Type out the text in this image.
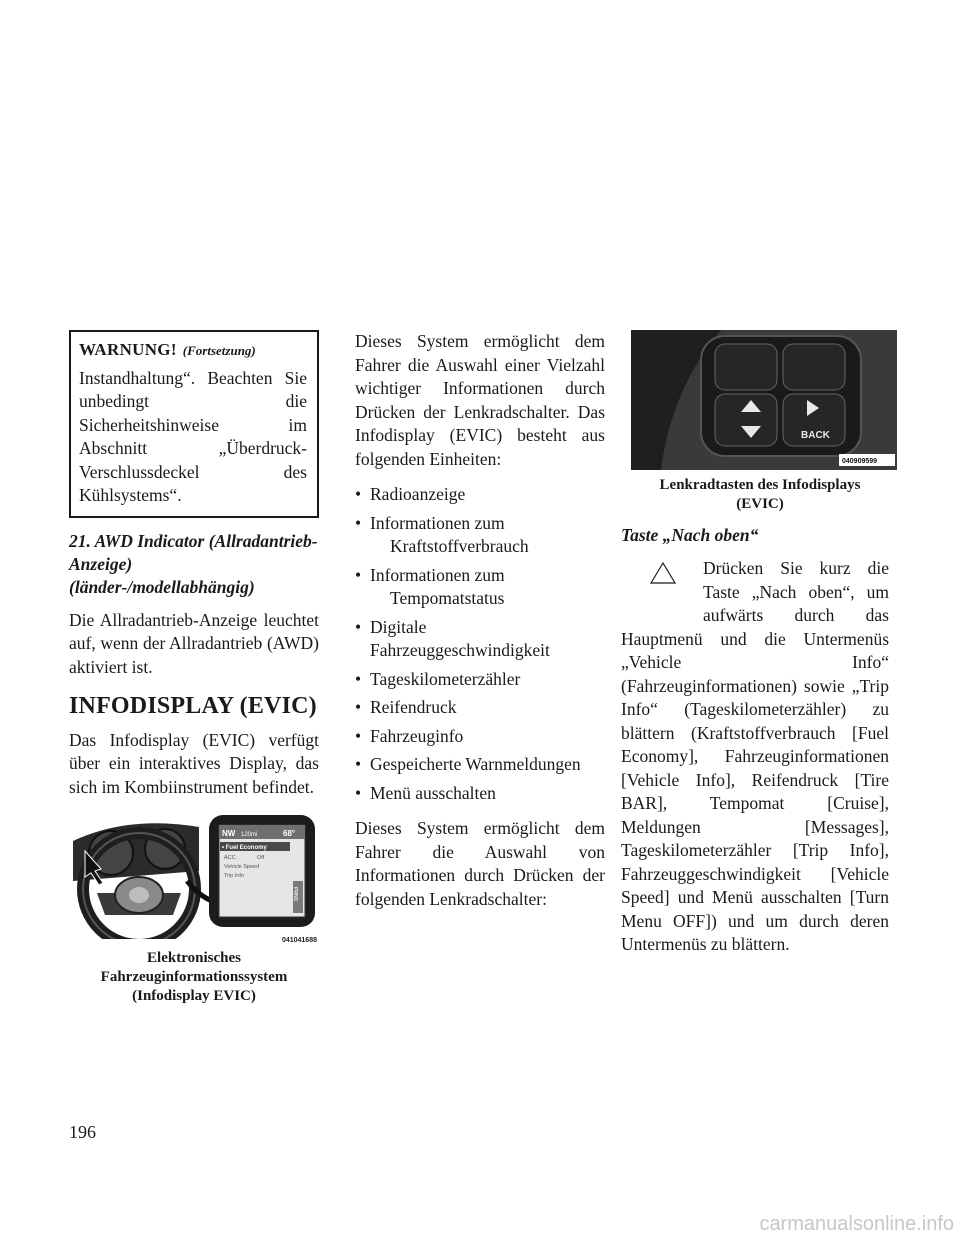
WARNUNG! (Fortsetzung)

Instandhaltung“. Beachten Sie unbedingt die Sicherheitshinweise im Abschnitt „Überdruck-Verschlussdeckel des Kühlsystems“.

21. AWD Indicator (Allradantrieb-Anzeige) (länder-/modellabhängig)

Die Allradantrieb-Anzeige leuchtet auf, wenn der Allradantrieb (AWD) aktiviert ist.

INFODISPLAY (EVIC)

Das Infodisplay (EVIC) verfügt über ein interaktives Display, das sich im Kombiinstrument befindet.

NW 120mi	68°
• Fuel Economy
ACC	Off
Vehicle Speed
Trip Info
PRND
041041688
Elektronisches
Fahrzeuginformationssystem
(Infodisplay EVIC)

Dieses System ermöglicht dem Fahrer die Auswahl einer Vielzahl wichtiger Informationen durch Drücken der Lenkradschalter. Das Infodisplay (EVIC) besteht aus folgenden Einheiten:

• Radioanzeige
• Informationen zum
Kraftstoffverbrauch
• Informationen zum
Tempomatstatus
• Digitale Fahrzeuggeschwindigkeit
• Tageskilometerzähler
• Reifendruck
• Fahrzeuginfo
• Gespeicherte Warnmeldungen
• Menü ausschalten

Dieses System ermöglicht dem Fahrer die Auswahl von Informationen durch Drücken der folgenden Lenkradschalter:

BACK
040909599
Lenkradtasten des Infodisplays
(EVIC)
Taste „Nach oben“

Drücken Sie kurz die Taste „Nach oben“, um aufwärts durch das Hauptmenü und die Untermenüs „Vehicle Info“ (Fahrzeuginformationen) sowie „Trip Info“ (Tageskilometerzähler) zu blättern (Kraftstoffverbrauch [Fuel Economy], Fahrzeuginformationen [Vehicle Info], Reifendruck [Tire BAR], Tempomat [Cruise], Meldungen [Messages], Tageskilometerzähler [Trip Info], Fahrzeuggeschwindigkeit [Vehicle Speed] und Menü ausschalten [Turn Menu OFF]) und um durch deren Untermenüs zu blättern.

196
carmanualsonline.info
